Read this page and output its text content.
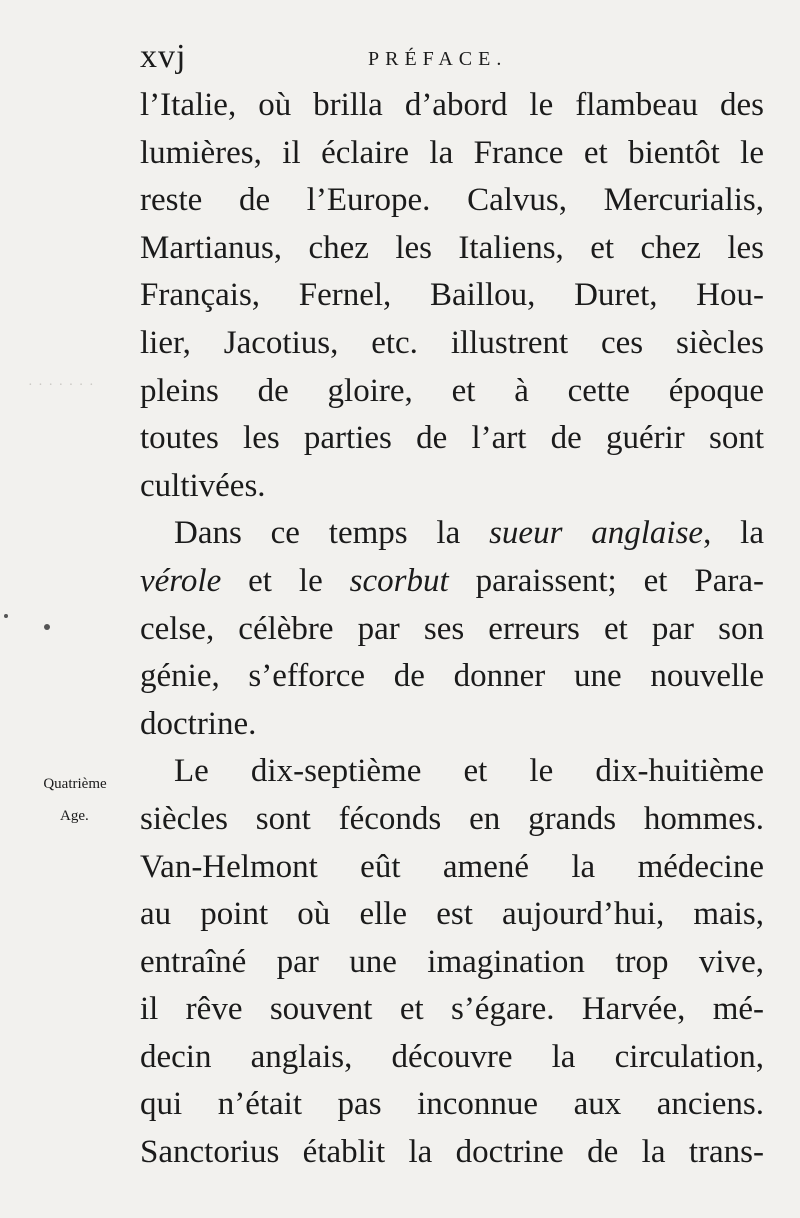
xvj	PRÉFACE.
· · · · · · ·
Quatrième
Age.
l’Italie, où brilla d’abord le flambeau des
lumières, il éclaire la France et bientôt le
reste de l’Europe. Calvus, Mercurialis,
Martianus, chez les Italiens, et chez les
Français, Fernel, Baillou, Duret, Hou-
lier, Jacotius, etc. illustrent ces siècles
pleins de gloire, et à cette époque
toutes les parties de l’art de guérir sont
cultivées.
Dans ce temps la sueur anglaise, la
vérole et le scorbut paraissent; et Para-
celse, célèbre par ses erreurs et par son
génie, s’efforce de donner une nouvelle
doctrine.
Le dix-septième et le dix-huitième
siècles sont féconds en grands hommes.
Van-Helmont eût amené la médecine
au point où elle est aujourd’hui, mais,
entraîné par une imagination trop vive,
il rêve souvent et s’égare. Harvée, mé-
decin anglais, découvre la circulation,
qui n’était pas inconnue aux anciens.
Sanctorius établit la doctrine de la trans-
